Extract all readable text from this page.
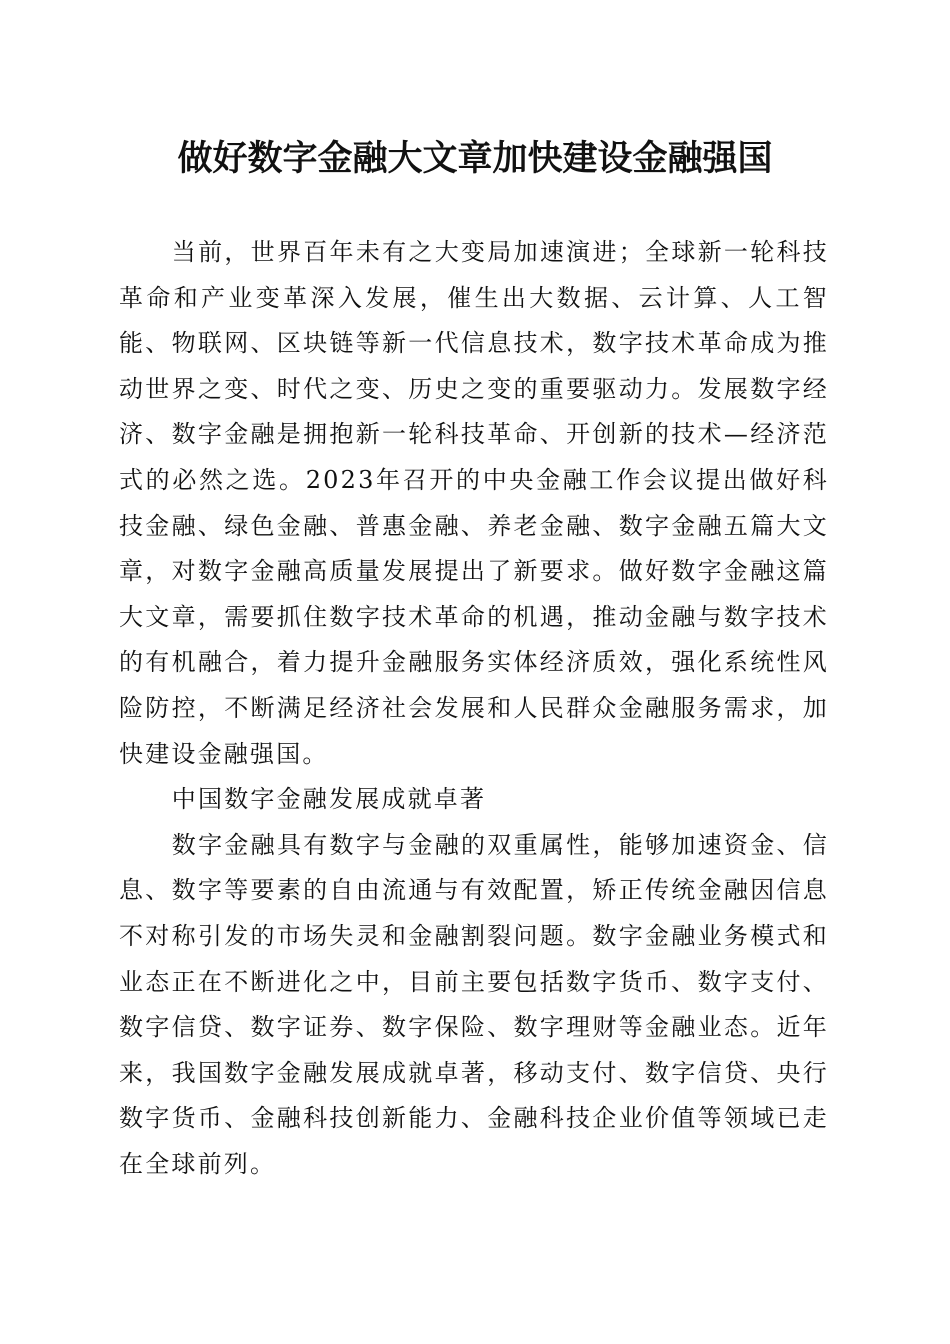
做好数字金融大文章加快建设金融强国

当前，世界百年未有之大变局加速演进；全球新一轮科技革命和产业变革深入发展，催生出大数据、云计算、人工智能、物联网、区块链等新一代信息技术，数字技术革命成为推动世界之变、时代之变、历史之变的重要驱动力。发展数字经济、数字金融是拥抱新一轮科技革命、开创新的技术—经济范式的必然之选。2023年召开的中央金融工作会议提出做好科技金融、绿色金融、普惠金融、养老金融、数字金融五篇大文章，对数字金融高质量发展提出了新要求。做好数字金融这篇大文章，需要抓住数字技术革命的机遇，推动金融与数字技术的有机融合，着力提升金融服务实体经济质效，强化系统性风险防控，不断满足经济社会发展和人民群众金融服务需求，加快建设金融强国。

中国数字金融发展成就卓著

数字金融具有数字与金融的双重属性，能够加速资金、信息、数字等要素的自由流通与有效配置，矫正传统金融因信息不对称引发的市场失灵和金融割裂问题。数字金融业务模式和业态正在不断进化之中，目前主要包括数字货币、数字支付、数字信贷、数字证券、数字保险、数字理财等金融业态。近年来，我国数字金融发展成就卓著，移动支付、数字信贷、央行数字货币、金融科技创新能力、金融科技企业价值等领域已走在全球前列。
